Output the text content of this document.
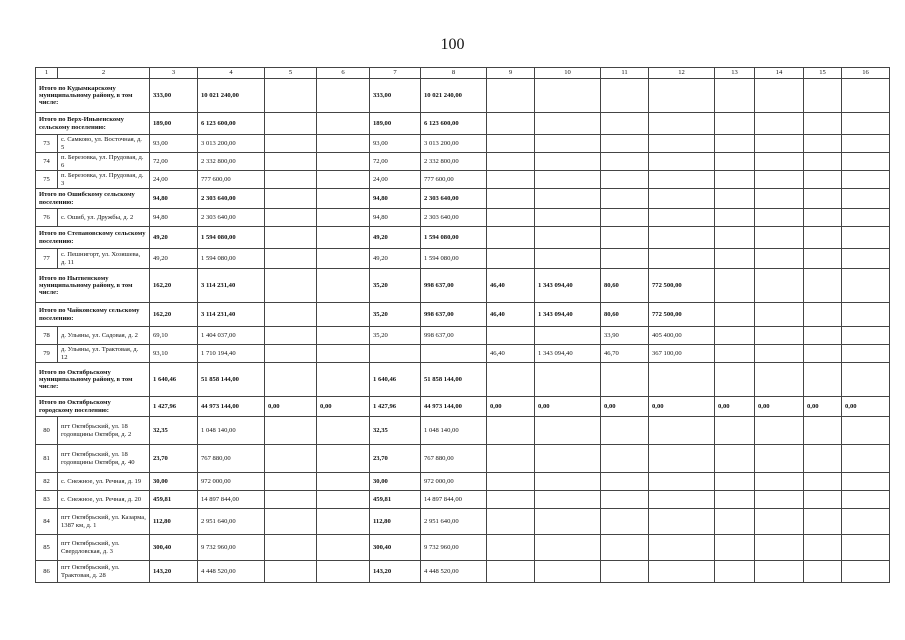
100
1	2	3	4	5	6	7	8	9	10	11	12	13	14	15	16
Итого по Кудымкарскому муниципальному району, в том числе:		333,00	10 021 240,00			333,00	10 021 240,00								
Итого по Верх-Иньвенскому сельскому поселению:		189,00	6 123 600,00			189,00	6 123 600,00								
73	с. Самково, ул. Восточная, д. 5	93,00	3 013 200,00			93,00	3 013 200,00								
74	п. Березовка, ул. Прудовая, д. 6	72,00	2 332 800,00			72,00	2 332 800,00								
75	п. Березовка, ул. Прудовая, д. 3	24,00	777 600,00			24,00	777 600,00								
Итого по Ошибскому сельскому поселению:		94,80	2 303 640,00			94,80	2 303 640,00								
76	с. Ошиб, ул. Дружбы, д. 2	94,80	2 303 640,00			94,80	2 303 640,00								
Итого по Степановскому сельскому поселению:		49,20	1 594 080,00			49,20	1 594 080,00								
77	с. Пешнигорт, ул. Хозяшева, д. 11	49,20	1 594 080,00			49,20	1 594 080,00								
Итого по Нытвенскому муниципальному району, в том числе:		162,20	3 114 231,40			35,20	998 637,00	46,40	1 343 094,40	80,60	772 500,00				
Итого по Чайковскому сельскому поселению:		162,20	3 114 231,40			35,20	998 637,00	46,40	1 343 094,40	80,60	772 500,00				
78	д. Ульяны, ул. Садовая, д. 2	69,10	1 404 037,00			35,20	998 637,00			33,90	405 400,00				
79	д. Ульяны, ул. Трактовая, д. 12	93,10	1 710 194,40					46,40	1 343 094,40	46,70	367 100,00				
Итого по Октябрьскому муниципальному району, в том числе:		1 640,46	51 858 144,00			1 640,46	51 858 144,00								
Итого по Октябрьскому городскому поселению:		1 427,96	44 973 144,00	0,00	0,00	1 427,96	44 973 144,00	0,00	0,00	0,00	0,00	0,00	0,00	0,00	0,00
80	пгт Октябрьский, ул. 18 годовщины Октября, д. 2	32,35	1 048 140,00			32,35	1 048 140,00								
81	пгт Октябрьский, ул. 18 годовщины Октября, д. 40	23,70	767 880,00			23,70	767 880,00								
82	с. Снежное, ул. Речная, д. 19	30,00	972 000,00			30,00	972 000,00								
83	с. Снежное, ул. Речная, д. 20	459,81	14 897 844,00			459,81	14 897 844,00								
84	пгт Октябрьский, ул. Казарма, 1387 км, д. 1	112,80	2 951 640,00			112,80	2 951 640,00								
85	пгт Октябрьский, ул. Свердловская, д. 3	300,40	9 732 960,00			300,40	9 732 960,00								
86	пгт Октябрьский, ул. Трактовая, д. 28	143,20	4 448 520,00			143,20	4 448 520,00								
